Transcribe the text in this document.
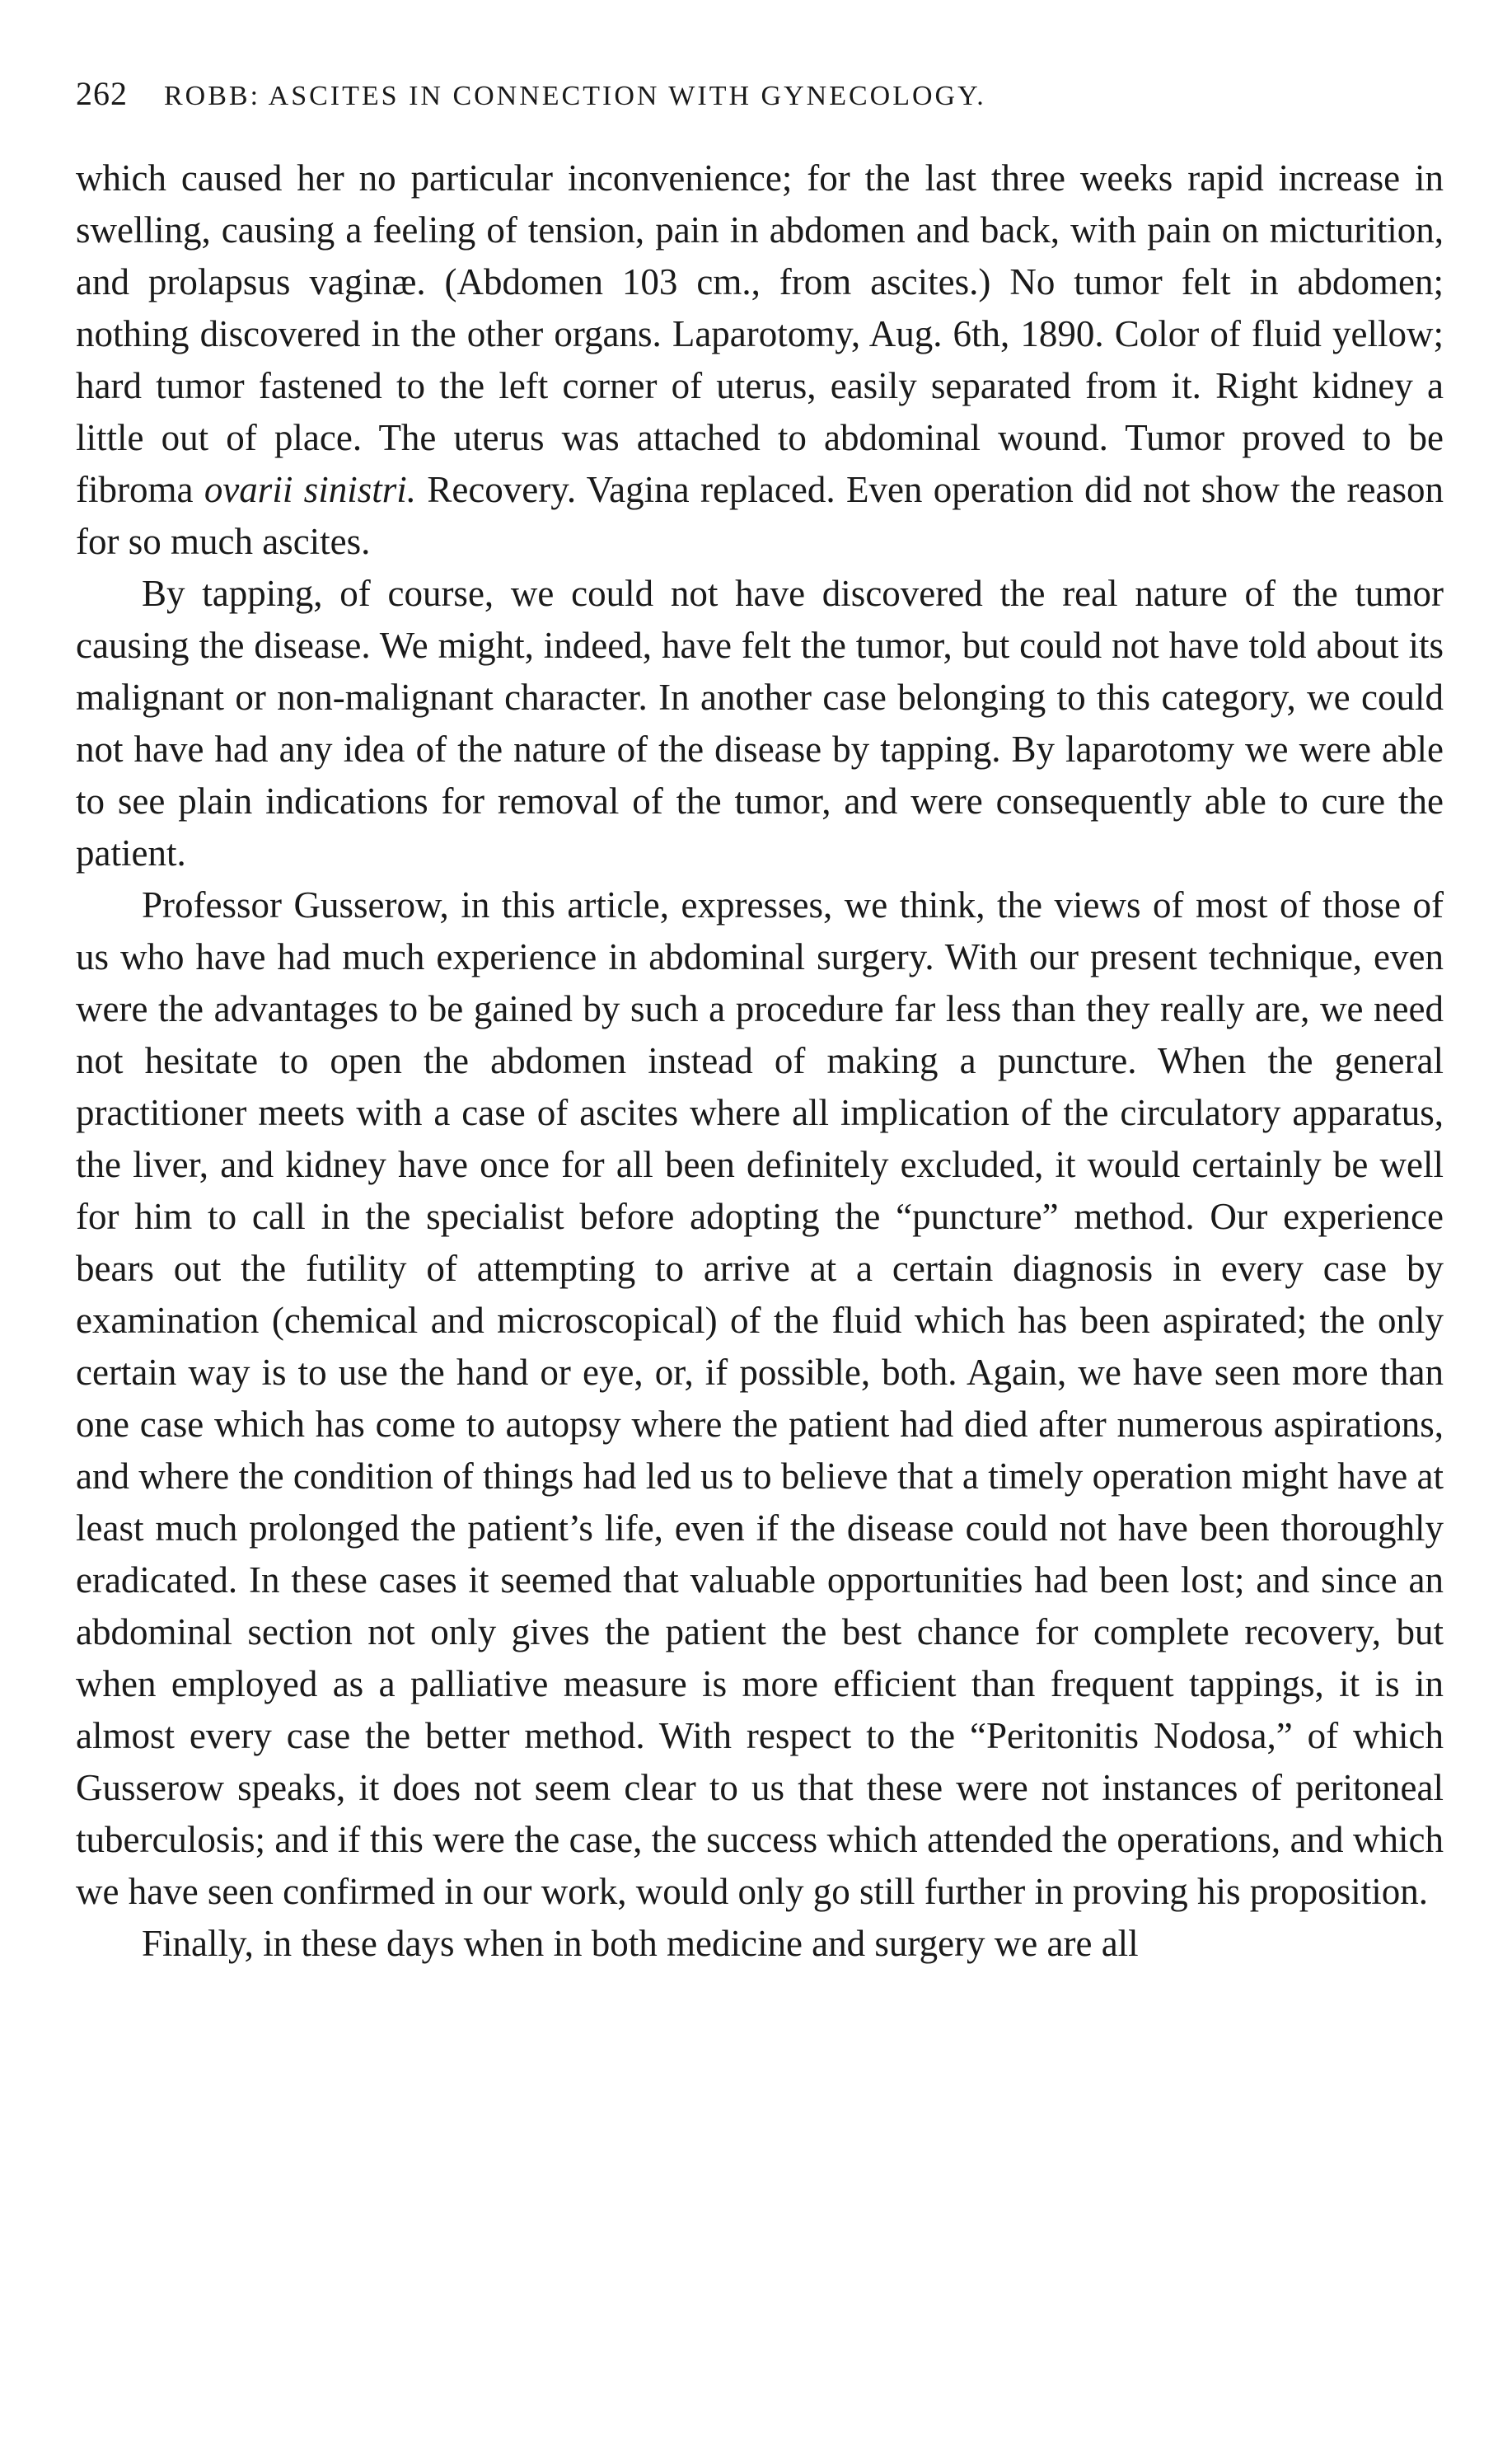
262 ROBB: ASCITES IN CONNECTION WITH GYNECOLOGY.

which caused her no particular inconvenience; for the last three weeks rapid increase in swelling, causing a feeling of tension, pain in abdomen and back, with pain on micturition, and prolapsus vaginæ. (Abdomen 103 cm., from ascites.) No tumor felt in abdomen; nothing discovered in the other organs. Laparotomy, Aug. 6th, 1890. Color of fluid yellow; hard tumor fastened to the left corner of uterus, easily separated from it. Right kidney a little out of place. The uterus was attached to abdominal wound. Tumor proved to be fibroma ovarii sinistri. Recovery. Vagina replaced. Even operation did not show the reason for so much ascites.

By tapping, of course, we could not have discovered the real nature of the tumor causing the disease. We might, indeed, have felt the tumor, but could not have told about its malignant or non-malignant character. In another case belonging to this category, we could not have had any idea of the nature of the disease by tapping. By laparotomy we were able to see plain indications for removal of the tumor, and were consequently able to cure the patient.

Professor Gusserow, in this article, expresses, we think, the views of most of those of us who have had much experience in abdominal surgery. With our present technique, even were the advantages to be gained by such a procedure far less than they really are, we need not hesitate to open the abdomen instead of making a puncture. When the general practitioner meets with a case of ascites where all implication of the circulatory apparatus, the liver, and kidney have once for all been definitely excluded, it would certainly be well for him to call in the specialist before adopting the “puncture” method. Our experience bears out the futility of attempting to arrive at a certain diagnosis in every case by examination (chemical and microscopical) of the fluid which has been aspirated; the only certain way is to use the hand or eye, or, if possible, both. Again, we have seen more than one case which has come to autopsy where the patient had died after numerous aspirations, and where the condition of things had led us to believe that a timely operation might have at least much prolonged the patient’s life, even if the disease could not have been thoroughly eradicated. In these cases it seemed that valuable opportunities had been lost; and since an abdominal section not only gives the patient the best chance for complete recovery, but when employed as a palliative measure is more efficient than frequent tappings, it is in almost every case the better method. With respect to the “Peritonitis Nodosa,” of which Gusserow speaks, it does not seem clear to us that these were not instances of peritoneal tuberculosis; and if this were the case, the success which attended the operations, and which we have seen confirmed in our work, would only go still further in proving his proposition.

Finally, in these days when in both medicine and surgery we are all
